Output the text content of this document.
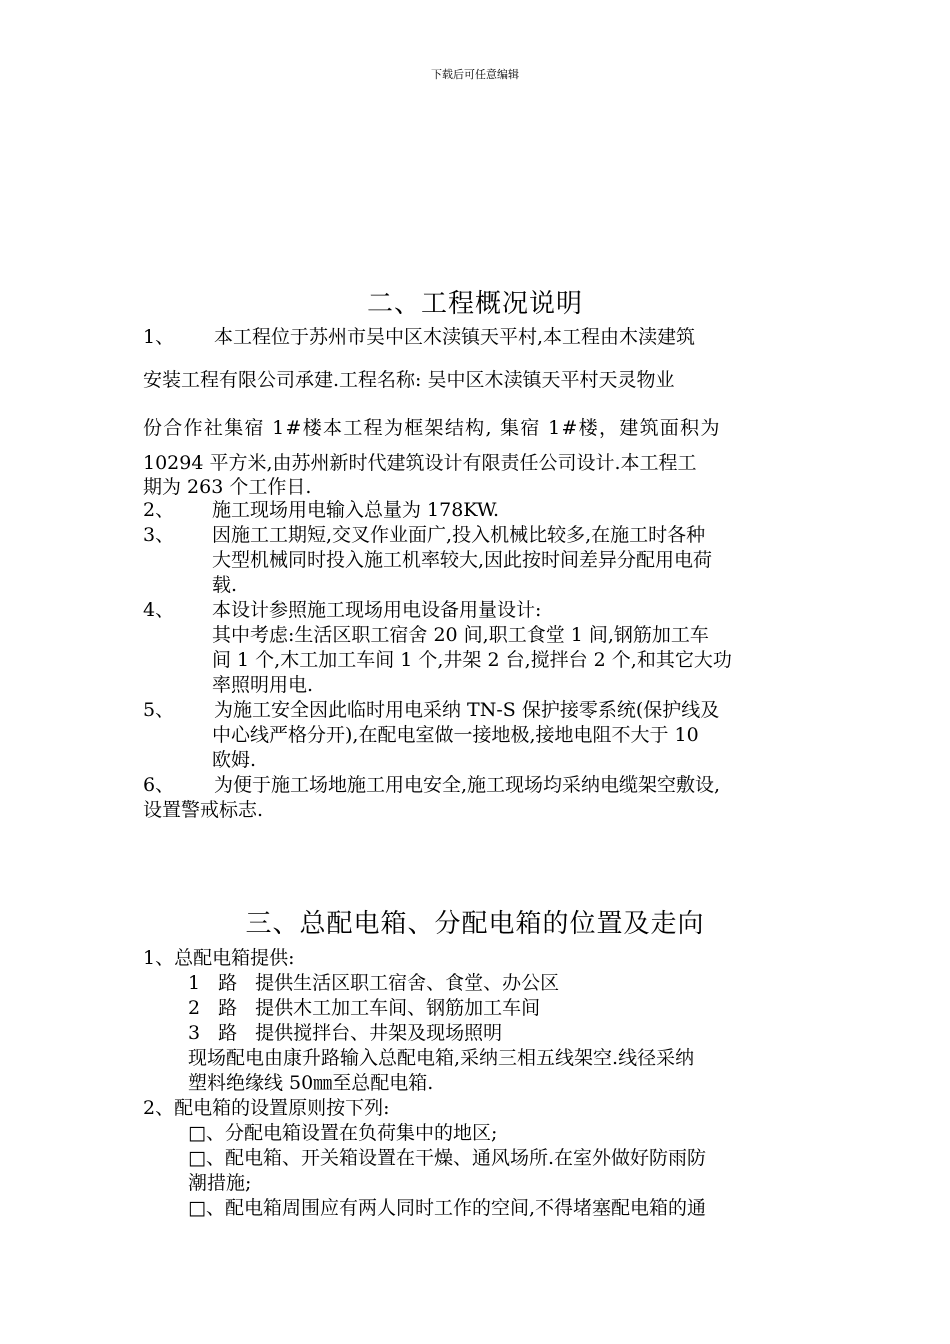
下载后可任意编辑
二、工程概况说明
1、 本工程位于苏州市吴中区木渎镇天平村,本工程由木渎建筑
安装工程有限公司承建.工程名称: 吴中区木渎镇天平村天灵物业
份合作社集宿 1#楼本工程为框架结构, 集宿 1#楼，建筑面积为
10294 平方米,由苏州新时代建筑设计有限责任公司设计.本工程工
期为 263 个工作日.
2、 施工现场用电输入总量为 178KW.
3、 因施工工期短,交叉作业面广,投入机械比较多,在施工时各种
大型机械同时投入施工机率较大,因此按时间差异分配用电荷
载.
4、 本设计参照施工现场用电设备用量设计:
其中考虑:生活区职工宿舍 20 间,职工食堂 1 间,钢筋加工车
间 1 个,木工加工车间 1 个,井架 2 台,搅拌台 2 个,和其它大功
率照明用电.
5、 为施工安全因此临时用电采纳 TN-S 保护接零系统(保护线及
中心线严格分开),在配电室做一接地极,接地电阻不大于 10
欧姆.
6、 为便于施工场地施工用电安全,施工现场均采纳电缆架空敷设,
设置警戒标志.
三、总配电箱、分配电箱的位置及走向
1、总配电箱提供:
1 路 提供生活区职工宿舍、食堂、办公区
2 路 提供木工加工车间、钢筋加工车间
3 路 提供搅拌台、井架及现场照明
现场配电由康升路输入总配电箱,采纳三相五线架空.线径采纳
塑料绝缘线 50㎜至总配电箱.
2、配电箱的设置原则按下列:
□、分配电箱设置在负荷集中的地区;
□、配电箱、开关箱设置在干燥、通风场所.在室外做好防雨防
潮措施;
□、配电箱周围应有两人同时工作的空间,不得堵塞配电箱的通
